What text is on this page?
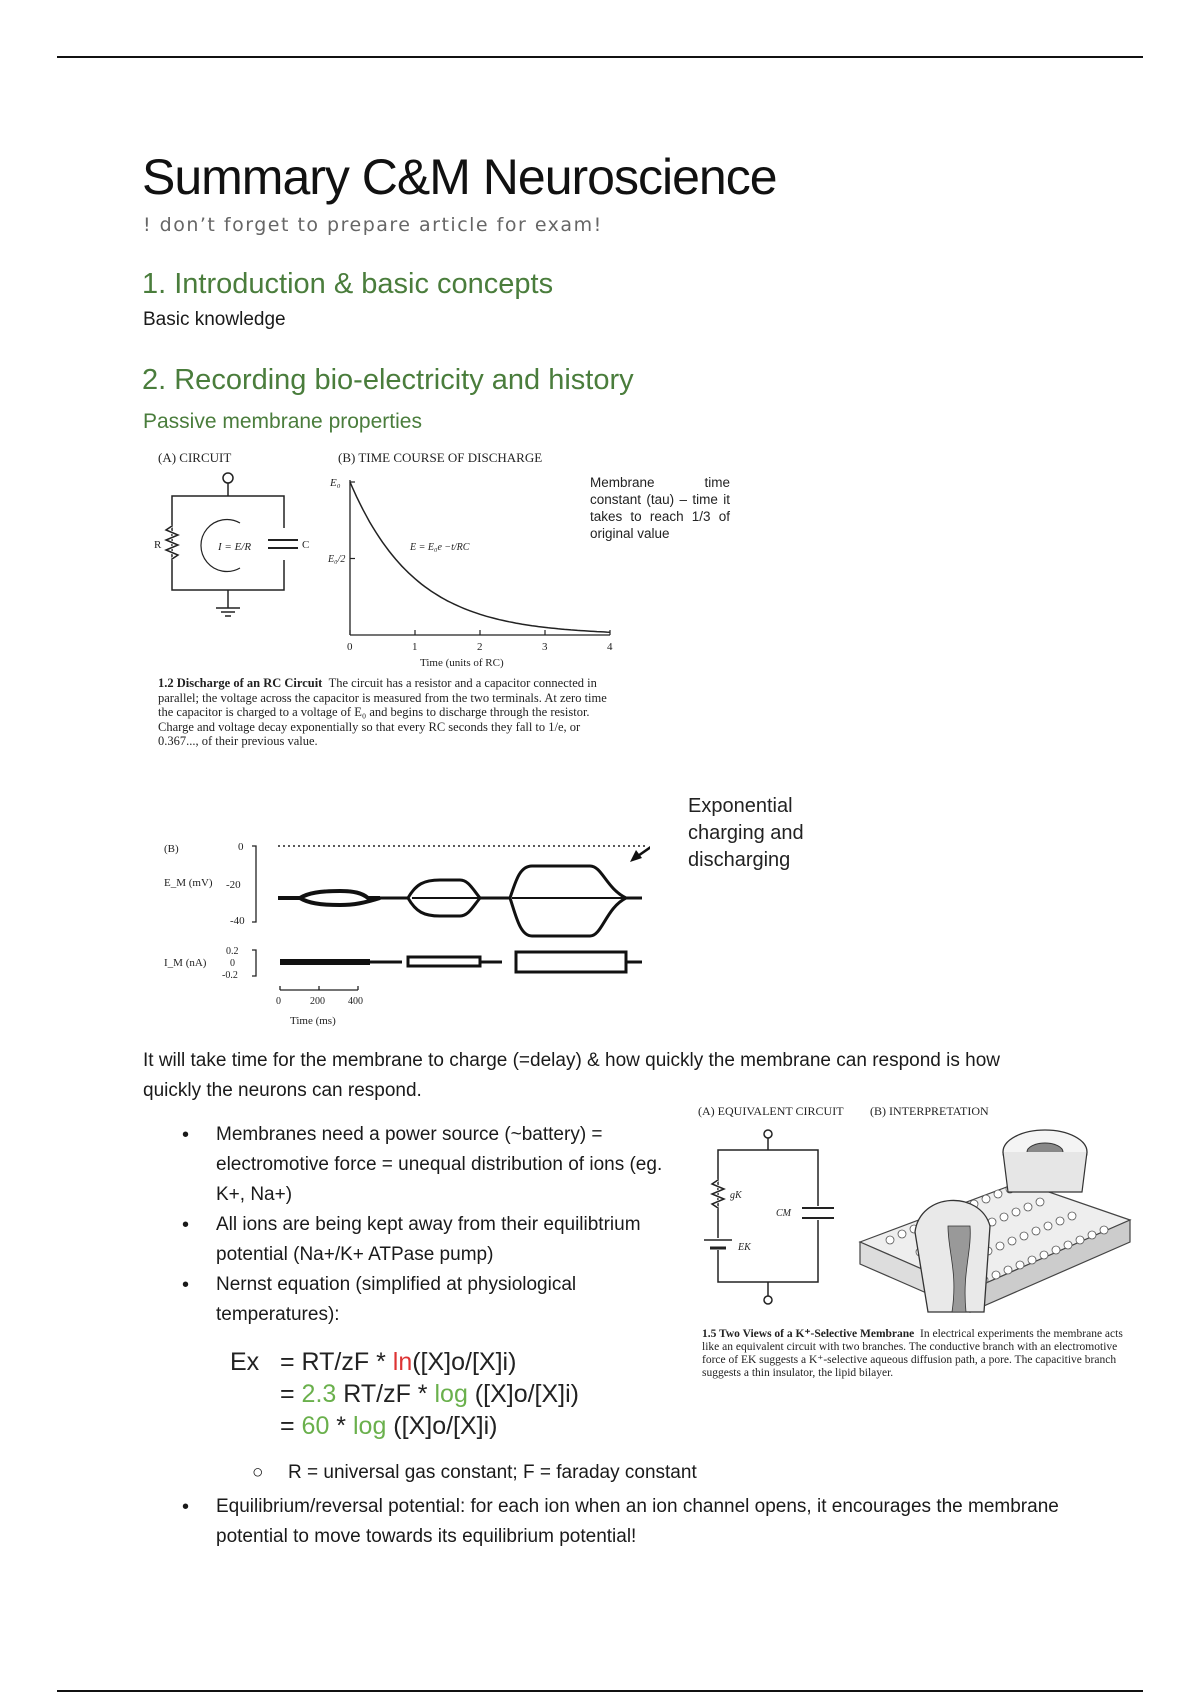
Summary C&M Neuroscience
! don’t forget to prepare article for exam!
1. Introduction & basic concepts
Basic knowledge
2. Recording bio-electricity and history
Passive membrane properties
(A) CIRCUIT	(B) TIME COURSE OF DISCHARGE
I = E/R
R	C
E₀
E₀/2
E = E₀e −t/RC
0	1	2	3	4
Time (units of RC)
Membrane time constant (tau) – time it takes to reach 1/3 of original value
1.2 Discharge of an RC Circuit The circuit has a resistor and a capacitor connected in parallel; the voltage across the capacitor is measured from the two terminals. At zero time the capacitor is charged to a voltage of E₀ and begins to discharge through the resistor. Charge and voltage decay exponentially so that every RC seconds they fall to 1/e, or 0.367..., of their previous value.
(B)
E_M (mV)
0
-20
-40
I_M (nA)
0.2
0
-0.2
0	200 400
Time (ms)
Exponential charging and discharging
It will take time for the membrane to charge (=delay) & how quickly the membrane can respond is how quickly the neurons can respond.
• Membranes need a power source (~battery) = electromotive force = unequal distribution of ions (eg. K+, Na+)
• All ions are being kept away from their equilibtrium potential (Na+/K+ ATPase pump)
• Nernst equation (simplified at physiological temperatures):
Ex = RT/zF * ln([X]o/[X]i)
= 2.3 RT/zF * log ([X]o/[X]i)
= 60 * log ([X]o/[X]i)
○ R = universal gas constant; F = faraday constant
• Equilibrium/reversal potential: for each ion when an ion channel opens, it encourages the membrane potential to move towards its equilibrium potential!
(A) EQUIVALENT CIRCUIT (B) INTERPRETATION
gK
EK
CM
1.5 Two Views of a K⁺-Selective Membrane In electrical experiments the membrane acts like an equivalent circuit with two branches. The conductive branch with an electromotive force of EK suggests a K⁺-selective aqueous diffusion path, a pore. The capacitive branch suggests a thin insulator, the lipid bilayer.
